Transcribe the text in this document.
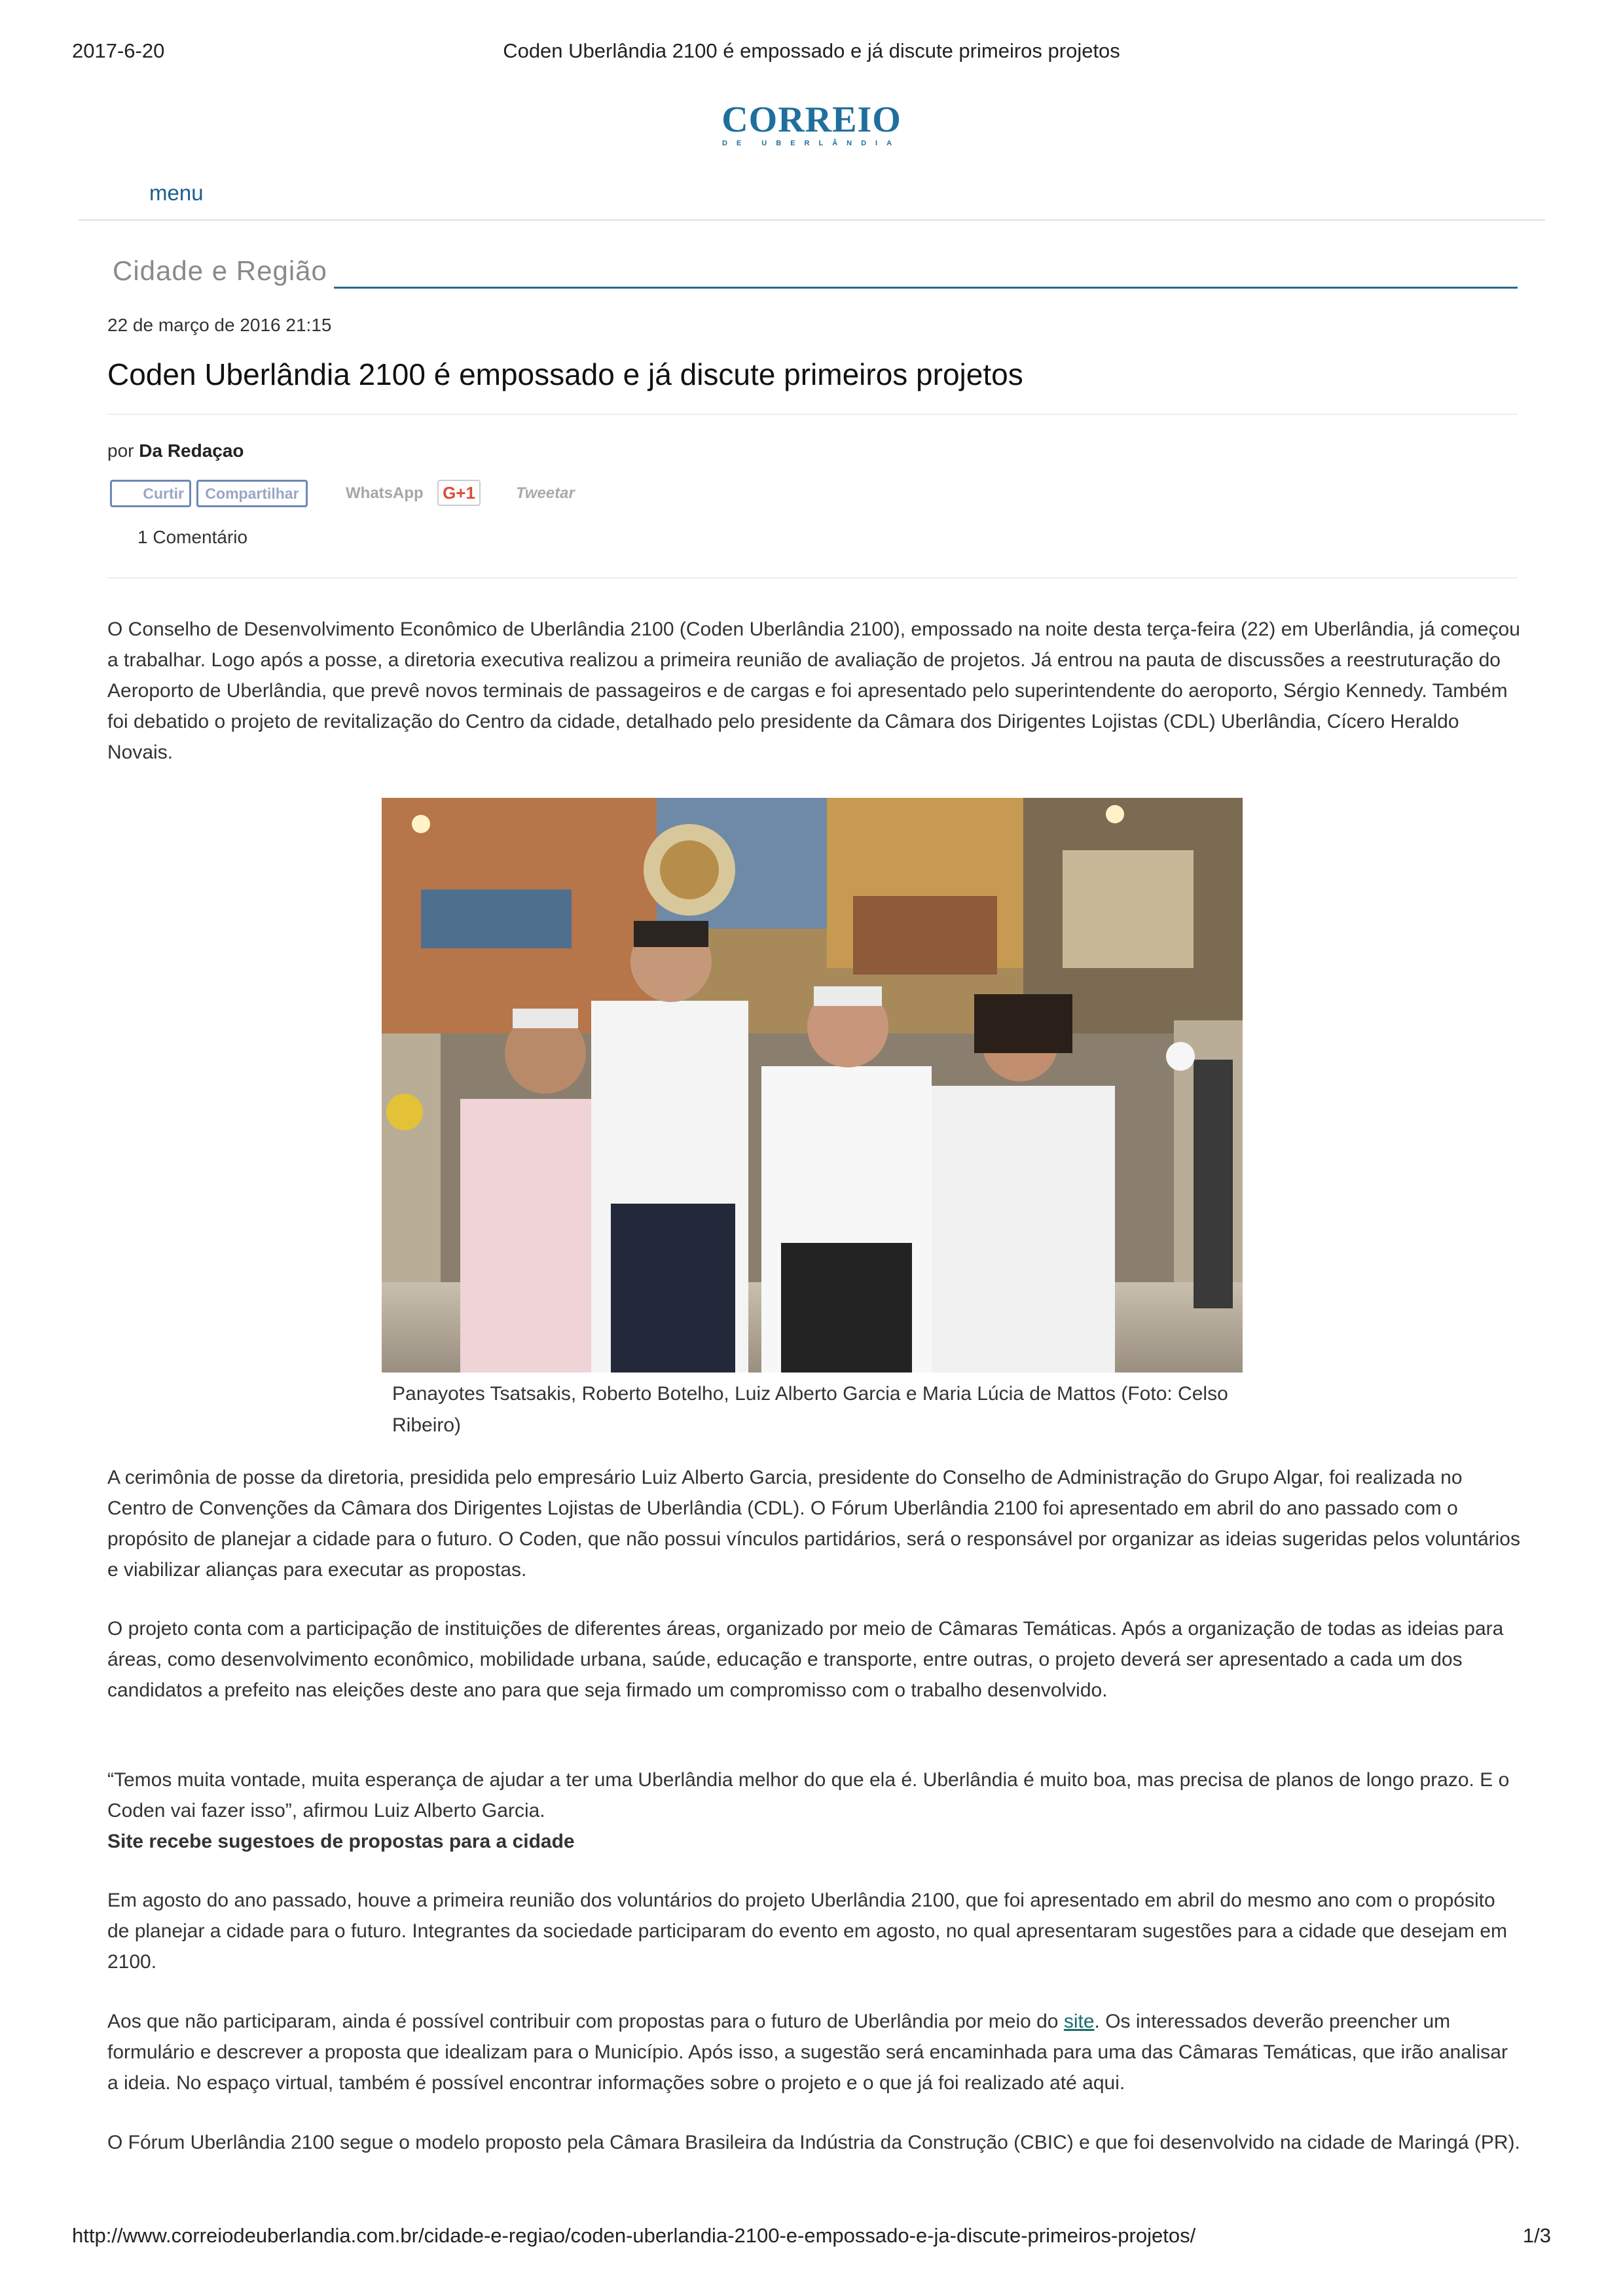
2017-6-20	Coden Uberlândia 2100 é empossado e já discute primeiros projetos
CORREIO
DE UBERLÂNDIA
menu
Cidade e Região
22 de março de 2016 21:15
Coden Uberlândia 2100 é empossado e já discute primeiros projetos
por Da Redaçao
Curtir	Compartilhar	WhatsApp	G+1	Tweetar
1 Comentário

O Conselho de Desenvolvimento Econômico de Uberlândia 2100 (Coden Uberlândia 2100), empossado na noite desta terça-feira (22) em Uberlândia, já começou a trabalhar. Logo após a posse, a diretoria executiva realizou a primeira reunião de avaliação de projetos. Já entrou na pauta de discussões a reestruturação do Aeroporto de Uberlândia, que prevê novos terminais de passageiros e de cargas e foi apresentado pelo superintendente do aeroporto, Sérgio Kennedy. Também foi debatido o projeto de revitalização do Centro da cidade, detalhado pelo presidente da Câmara dos Dirigentes Lojistas (CDL) Uberlândia, Cícero Heraldo Novais.

Panayotes Tsatsakis, Roberto Botelho, Luiz Alberto Garcia e Maria Lúcia de Mattos (Foto: Celso Ribeiro)

A cerimônia de posse da diretoria, presidida pelo empresário Luiz Alberto Garcia, presidente do Conselho de Administração do Grupo Algar, foi realizada no Centro de Convenções da Câmara dos Dirigentes Lojistas de Uberlândia (CDL). O Fórum Uberlândia 2100 foi apresentado em abril do ano passado com o propósito de planejar a cidade para o futuro. O Coden, que não possui vínculos partidários, será o responsável por organizar as ideias sugeridas pelos voluntários e viabilizar alianças para executar as propostas.

O projeto conta com a participação de instituições de diferentes áreas, organizado por meio de Câmaras Temáticas. Após a organização de todas as ideias para áreas, como desenvolvimento econômico, mobilidade urbana, saúde, educação e transporte, entre outras, o projeto deverá ser apresentado a cada um dos candidatos a prefeito nas eleições deste ano para que seja firmado um compromisso com o trabalho desenvolvido.

“Temos muita vontade, muita esperança de ajudar a ter uma Uberlândia melhor do que ela é. Uberlândia é muito boa, mas precisa de planos de longo prazo. E o Coden vai fazer isso”, afirmou Luiz Alberto Garcia.

Site recebe sugestoes de propostas para a cidade

Em agosto do ano passado, houve a primeira reunião dos voluntários do projeto Uberlândia 2100, que foi apresentado em abril do mesmo ano com o propósito de planejar a cidade para o futuro. Integrantes da sociedade participaram do evento em agosto, no qual apresentaram sugestões para a cidade que desejam em 2100.

Aos que não participaram, ainda é possível contribuir com propostas para o futuro de Uberlândia por meio do site. Os interessados deverão preencher um formulário e descrever a proposta que idealizam para o Município. Após isso, a sugestão será encaminhada para uma das Câmaras Temáticas, que irão analisar a ideia. No espaço virtual, também é possível encontrar informações sobre o projeto e o que já foi realizado até aqui.

O Fórum Uberlândia 2100 segue o modelo proposto pela Câmara Brasileira da Indústria da Construção (CBIC) e que foi desenvolvido na cidade de Maringá (PR).

http://www.correiodeuberlandia.com.br/cidade-e-regiao/coden-uberlandia-2100-e-empossado-e-ja-discute-primeiros-projetos/	1/3
